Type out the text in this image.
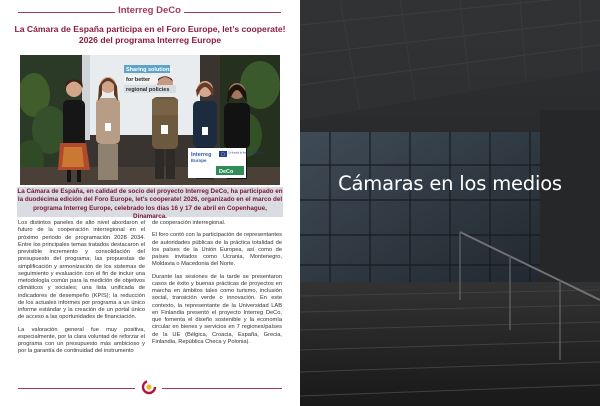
Interreg DeCo
La Cámara de España participa en el Foro Europe, let’s cooperate! 2026 del programa Interreg Europe
Interreg
Europe
Co-funded by the European Union
DeCo
Sharing solutions
for better
regional policies
La Cámara de España, en calidad de socio del proyecto Interreg DeCo, ha participado en la duodécima edición del Foro Europe, let’s cooperate! 2026, organizado en el marco del programa Interreg Europe, celebrado los días 16 y 17 de abril en Copenhague, Dinamarca.

Los distintos paneles de alto nivel abordaron el futuro de la cooperación interregional en el próximo periodo de programación 2028 2034. Entre los principales temas tratados destacaron el previsible incremento y consolidación del presupuesto del programa; las propuestas de simplificación y armonización de los sistemas de seguimiento y evaluación con el fin de incluir una metodología común para la medición de objetivos climáticos y sociales; una lista unificada de indicadores de desempeño (KPIS); la reducción de los actuales informes por programa a un único informe estándar y la creación de un portal único de acceso a las oportunidades de financiación.

La valoración general fue muy positiva, especialmente, por la clara voluntad de reforzar el programa con un presupuesto más ambicioso y por la garantía de continuidad del instrumento

de cooperación interregional.

El foro contó con la participación de representantes de autoridades públicas de la práctica totalidad de los países de la Unión Europea, así como de países invitados como Ucrania, Montenegro, Moldavia o Macedonia del Norte.

Durante las sesiones de la tarde se presentaron casos de éxito y buenas prácticas de proyectos en marcha en ámbitos tales como turismo, inclusión social, transición verde o innovación. En este contexto, la representante de la Universidad LAB en Finlandia presentó el proyecto Interreg DeCo, que fomenta el diseño sostenible y la economía circular en bienes y servicios en 7 regiones/países de la UE (Bélgica, Croacia, España, Grecia, Finlandia, República Checa y Polonia).

Cámaras en los medios
